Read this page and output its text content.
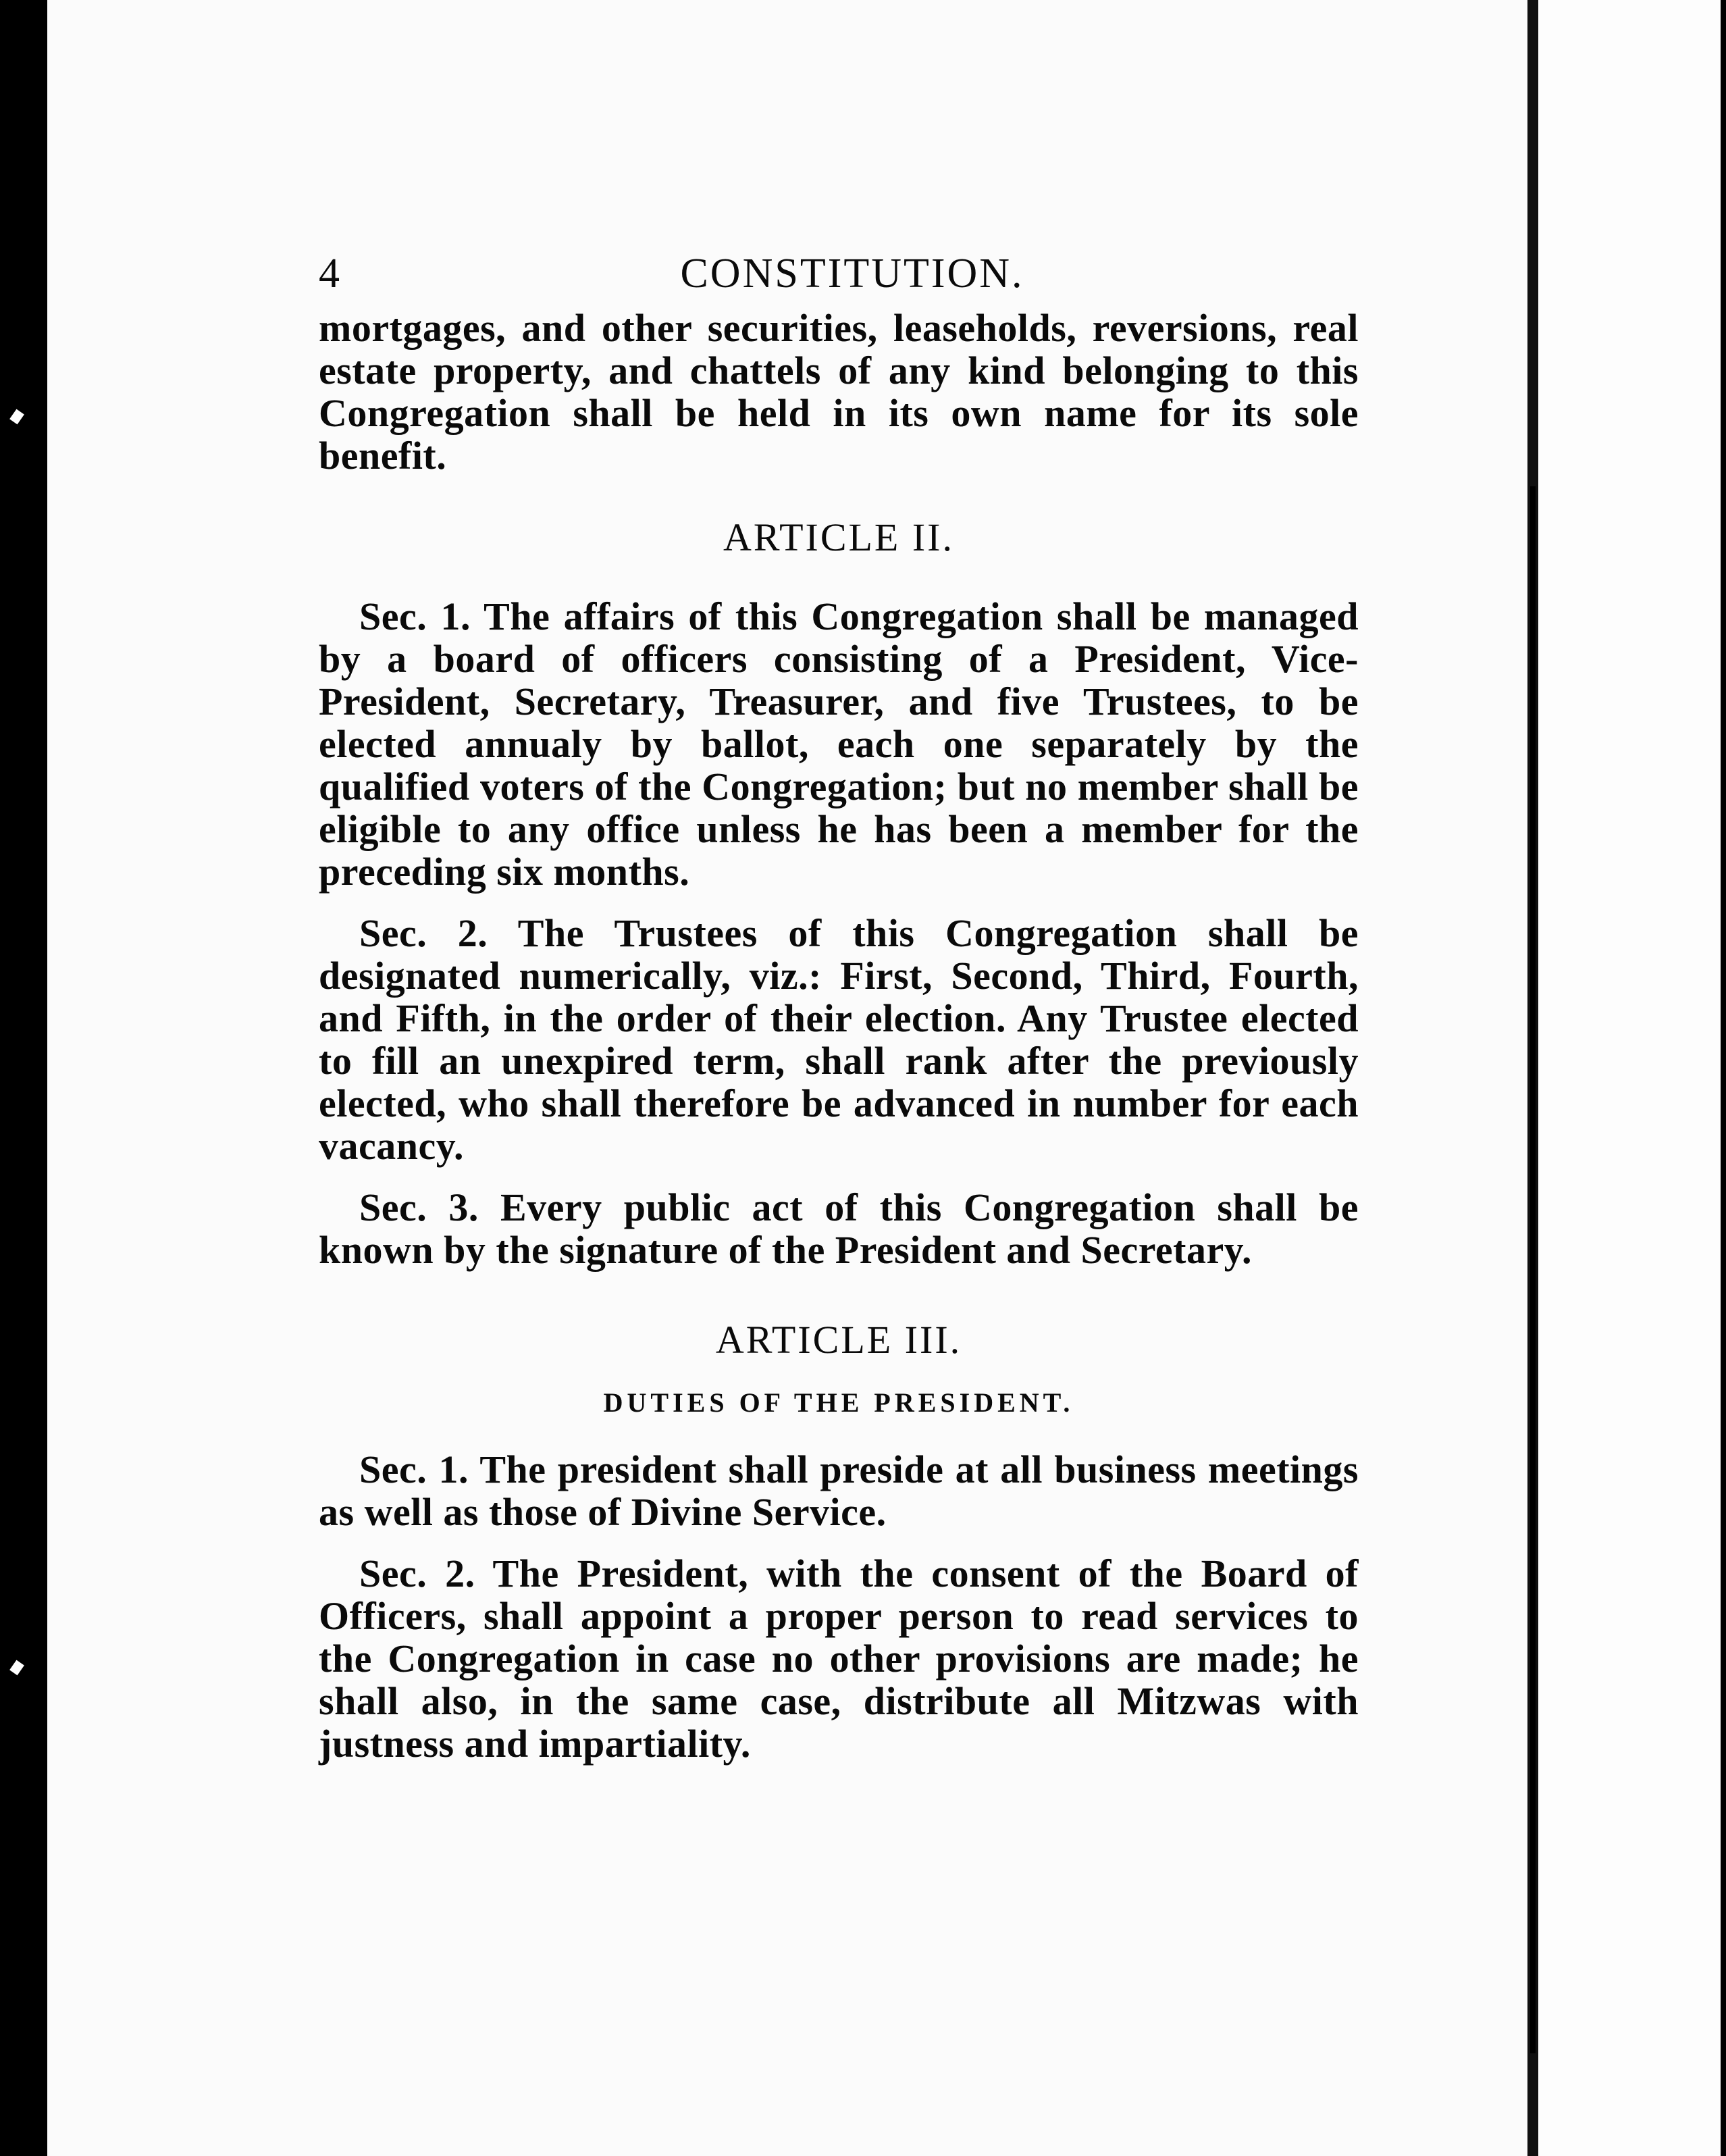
4	CONSTITUTION.

mortgages, and other securities, leaseholds, reversions, real estate property, and chattels of any kind belonging to this Congregation shall be held in its own name for its sole benefit.

ARTICLE II.

Sec. 1. The affairs of this Congregation shall be managed by a board of officers consisting of a President, Vice-President, Secretary, Treasurer, and five Trustees, to be elected annualy by ballot, each one separately by the qualified voters of the Congregation; but no member shall be eligible to any office unless he has been a member for the preceding six months.

Sec. 2. The Trustees of this Congregation shall be designated numerically, viz.: First, Second, Third, Fourth, and Fifth, in the order of their election. Any Trustee elected to fill an unexpired term, shall rank after the previously elected, who shall therefore be advanced in number for each vacancy.

Sec. 3. Every public act of this Congregation shall be known by the signature of the President and Secretary.

ARTICLE III.

DUTIES OF THE PRESIDENT.

Sec. 1. The president shall preside at all business meetings as well as those of Divine Service.

Sec. 2. The President, with the consent of the Board of Officers, shall appoint a proper person to read services to the Congregation in case no other provisions are made; he shall also, in the same case, distribute all Mitzwas with justness and impartiality.
